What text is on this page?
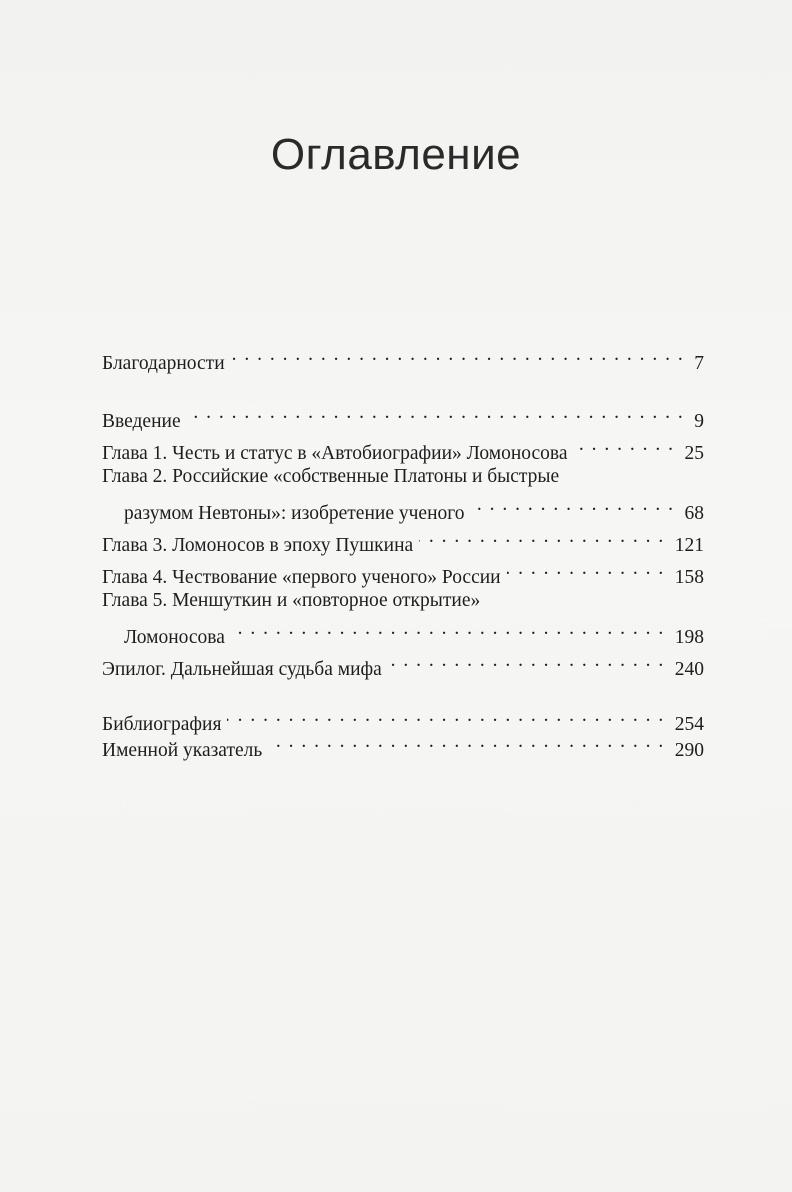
Оглавление
Благодарности . . .	7
Введение . . .	9
Глава 1. Честь и статус в «Автобиографии» Ломоносова . . .	25
Глава 2. Российские «собственные Платоны и быстрые
разумом Невтоны»: изобретение ученого . . .	68
Глава 3. Ломоносов в эпоху Пушкина . . .	121
Глава 4. Чествование «первого ученого» России . . .	158
Глава 5. Меншуткин и «повторное открытие»
Ломоносова . . .	198
Эпилог. Дальнейшая судьба мифа . . .	240
Библиография . . .	254
Именной указатель . . .	290
